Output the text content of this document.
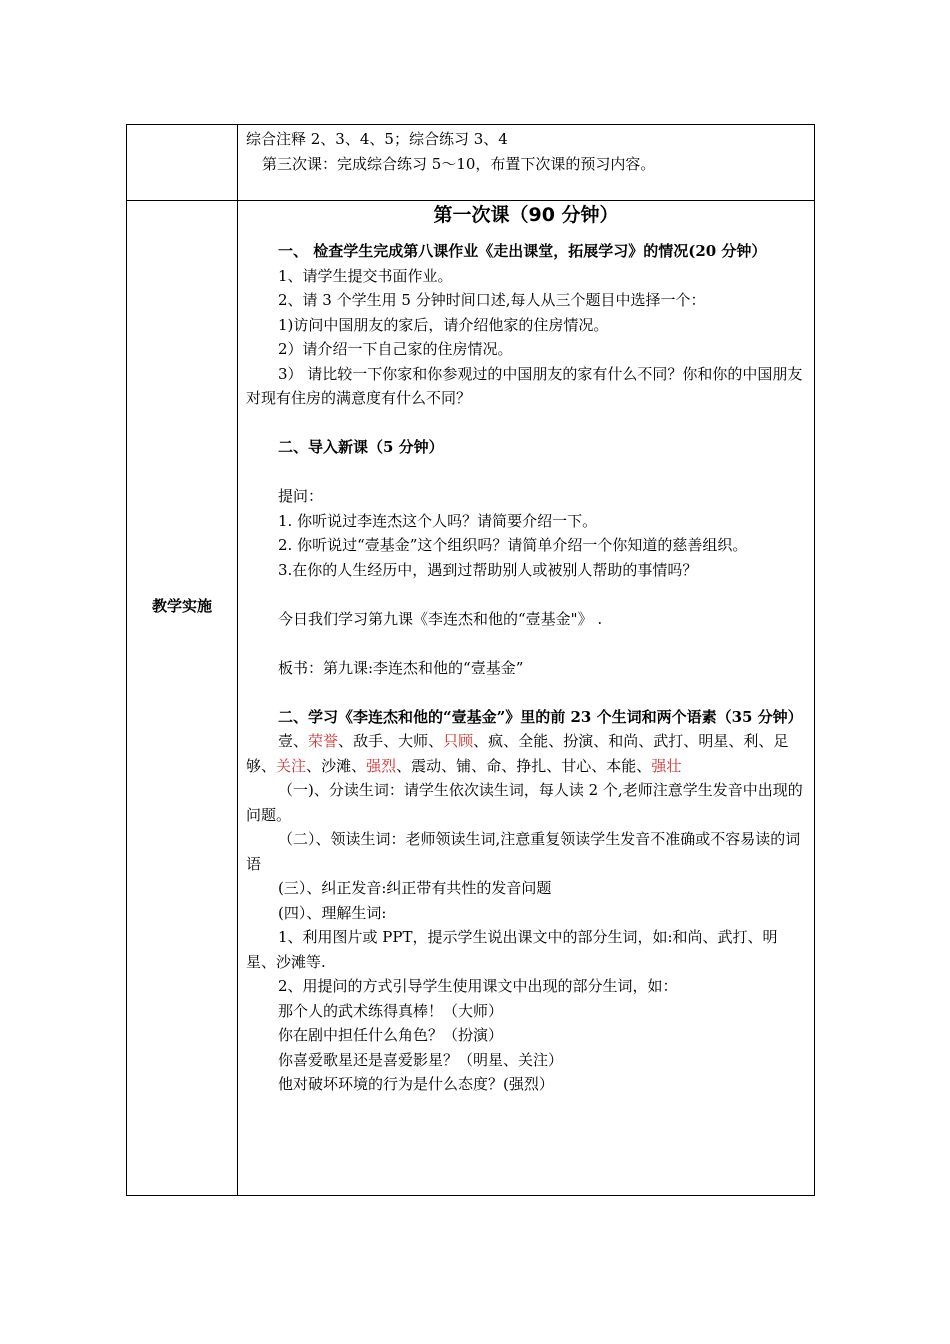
教学实施

综合注释 2、3、4、5；综合练习 3、4

第三次课：完成综合练习 5～10，布置下次课的预习内容。

第一次课（90 分钟）

一、 检查学生完成第八课作业《走出课堂，拓展学习》的情况(20 分钟）

1、请学生提交书面作业。

2、请 3 个学生用 5 分钟时间口述,每人从三个题目中选择一个：

1)访问中国朋友的家后，请介绍他家的住房情况。

2）请介绍一下自己家的住房情况。

3） 请比较一下你家和你参观过的中国朋友的家有什么不同？你和你的中国朋友对现有住房的满意度有什么不同？

二、导入新课（5 分钟）

提问：

1. 你听说过李连杰这个人吗？请简要介绍一下。

2. 你听说过“壹基金”这个组织吗？请简单介绍一个你知道的慈善组织。

3.在你的人生经历中，遇到过帮助别人或被别人帮助的事情吗？

今日我们学习第九课《李连杰和他的“壹基金"》 .

板书：第九课:李连杰和他的“壹基金”

二、学习《李连杰和他的“壹基金”》里的前 23 个生词和两个语素（35 分钟）

壹、荣誉、敌手、大师、只顾、疯、全能、扮演、和尚、武打、明星、利、足够、关注、沙滩、强烈、震动、铺、命、挣扎、甘心、本能、强壮

（一)、分读生词：请学生依次读生词，每人读 2 个,老师注意学生发音中出现的问题。

（二）、领读生词：老师领读生词,注意重复领读学生发音不准确或不容易读的词语

(三）、纠正发音:纠正带有共性的发音问题

(四）、理解生词:

1、利用图片或 PPT，提示学生说出课文中的部分生词，如:和尚、武打、明星、沙滩等.

2、用提问的方式引导学生使用课文中出现的部分生词，如：

那个人的武术练得真棒！（大师）

你在剧中担任什么角色？（扮演）

你喜爱歌星还是喜爱影星？（明星、关注）

他对破坏环境的行为是什么态度？(强烈）
